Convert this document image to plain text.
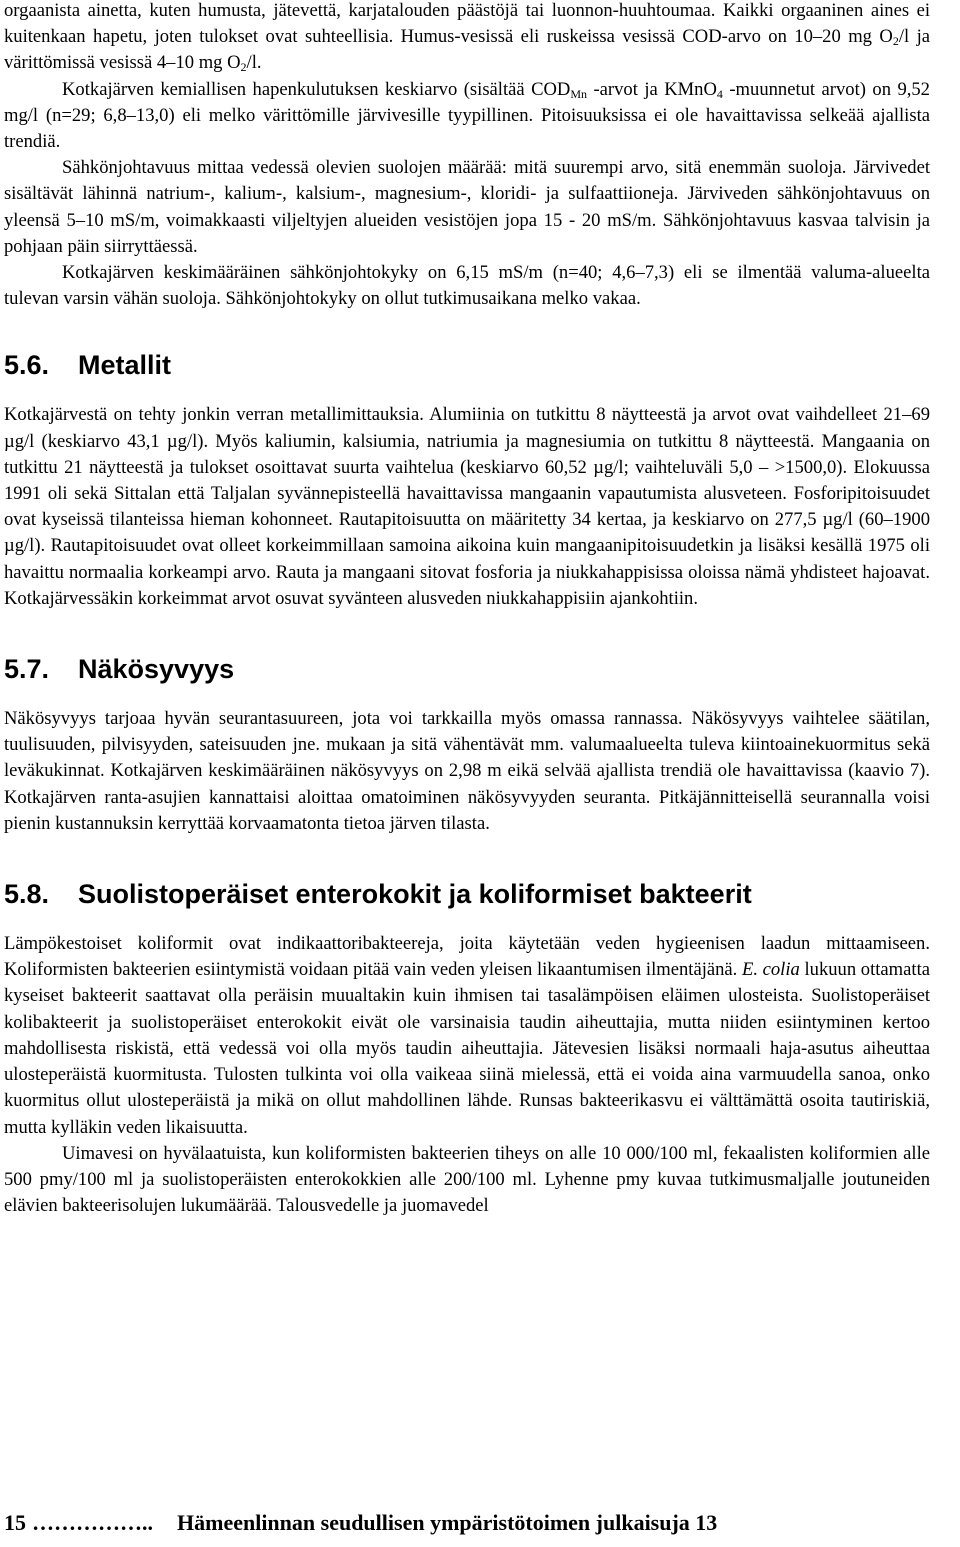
orgaanista ainetta, kuten humusta, jätevettä, karjatalouden päästöjä tai luonnon-huuhtoumaa. Kaikki orgaaninen aines ei kuitenkaan hapetu, joten tulokset ovat suhteellisia. Humus-vesissä eli ruskeissa vesissä COD-arvo on 10–20 mg $O_2/l$ ja värittömissä vesissä 4–10 mg $O_2/l$.

Kotkajärven kemiallisen hapenkulutuksen keskiarvo (sisältää $COD_{Mn}$ -arvot ja KMnO$_4$ -muunnetut arvot) on 9,52 mg/l (n=29; 6,8–13,0) eli melko värittömille järvivesille tyypillinen. Pitoisuuksissa ei ole havaittavissa selkeää ajallista trendiä.

Sähkönjohtavuus mittaa vedessä olevien suolojen määrää: mitä suurempi arvo, sitä enemmän suoloja. Järvivedet sisältävät lähinnä natrium-, kalium-, kalsium-, magnesium-, kloridi- ja sulfaattiioneja. Järviveden sähkönjohtavuus on yleensä 5–10 mS/m, voimakkaasti viljeltyjen alueiden vesistöjen jopa 15 - 20 mS/m. Sähkönjohtavuus kasvaa talvisin ja pohjaan päin siirryttäessä.

Kotkajärven keskimääräinen sähkönjohtokyky on 6,15 mS/m (n=40; 4,6–7,3) eli se ilmentää valuma-alueelta tulevan varsin vähän suoloja. Sähkönjohtokyky on ollut tutkimusaikana melko vakaa.

5.6. Metallit

Kotkajärvestä on tehty jonkin verran metallimittauksia. Alumiinia on tutkittu 8 näytteestä ja arvot ovat vaihdelleet 21–69 µg/l (keskiarvo 43,1 µg/l). Myös kaliumin, kalsiumia, natriumia ja magnesiumia on tutkittu 8 näytteestä. Mangaania on tutkittu 21 näytteestä ja tulokset osoittavat suurta vaihtelua (keskiarvo 60,52 µg/l; vaihteluväli 5,0 – >1500,0). Elokuussa 1991 oli sekä Sittalan että Taljalan syvännepisteellä havaittavissa mangaanin vapautumista alusveteen. Fosforipitoisuudet ovat kyseissä tilanteissa hieman kohonneet. Rautapitoisuutta on määritetty 34 kertaa, ja keskiarvo on 277,5 µg/l (60–1900 µg/l). Rautapitoisuudet ovat olleet korkeimmillaan samoina aikoina kuin mangaanipitoisuudetkin ja lisäksi kesällä 1975 oli havaittu normaalia korkeampi arvo. Rauta ja mangaani sitovat fosforia ja niukkahappisissa oloissa nämä yhdisteet hajoavat. Kotkajärvessäkin korkeimmat arvot osuvat syvänteen alusveden niukkahappisiin ajankohtiin.

5.7. Näkösyvyys

Näkösyvyys tarjoaa hyvän seurantasuureen, jota voi tarkkailla myös omassa rannassa. Näkösyvyys vaihtelee säätilan, tuulisuuden, pilvisyyden, sateisuuden jne. mukaan ja sitä vähentävät mm. valumaalueelta tuleva kiintoainekuormitus sekä leväkukinnat. Kotkajärven keskimääräinen näkösyvyys on 2,98 m eikä selvää ajallista trendiä ole havaittavissa (kaavio 7). Kotkajärven ranta-asujien kannattaisi aloittaa omatoiminen näkösyvyyden seuranta. Pitkäjännitteisellä seurannalla voisi pienin kustannuksin kerryttää korvaamatonta tietoa järven tilasta.

5.8. Suolistoperäiset enterokokit ja koliformiset bakteerit

Lämpökestoiset koliformit ovat indikaattoribakteereja, joita käytetään veden hygieenisen laadun mittaamiseen. Koliformisten bakteerien esiintymistä voidaan pitää vain veden yleisen likaantumisen ilmentäjänä. E. colia lukuun ottamatta kyseiset bakteerit saattavat olla peräisin muualtakin kuin ihmisen tai tasalämpöisen eläimen ulosteista. Suolistoperäiset kolibakteerit ja suolistoperäiset enterokokit eivät ole varsinaisia taudin aiheuttajia, mutta niiden esiintyminen kertoo mahdollisesta riskistä, että vedessä voi olla myös taudin aiheuttajia. Jätevesien lisäksi normaali haja-asutus aiheuttaa ulosteperäistä kuormitusta. Tulosten tulkinta voi olla vaikeaa siinä mielessä, että ei voida aina varmuudella sanoa, onko kuormitus ollut ulosteperäistä ja mikä on ollut mahdollinen lähde. Runsas bakteerikasvu ei välttämättä osoita tautiriskiä, mutta kylläkin veden likaisuutta.

Uimavesi on hyvälaatuista, kun koliformisten bakteerien tiheys on alle 10 000/100 ml, fekaalisten koliformien alle 500 pmy/100 ml ja suolistoperäisten enterokokkien alle 200/100 ml. Lyhenne pmy kuvaa tutkimusmaljalle joutuneiden elävien bakteerisolujen lukumäärää. Talousvedelle ja juomavedel

15 …………….. Hämeenlinnan seudullisen ympäristötoimen julkaisuja 13
